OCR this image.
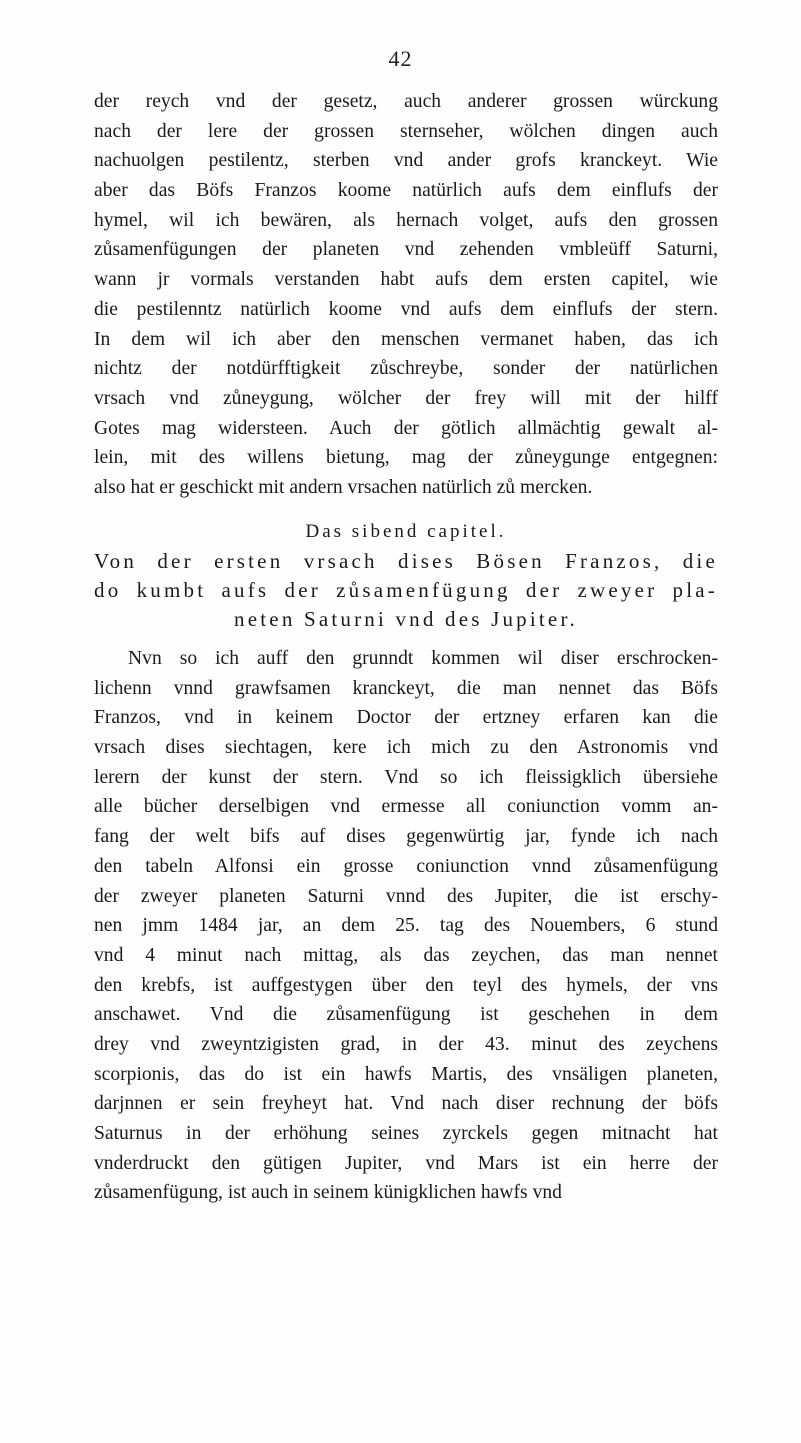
42
der reych vnd der gesetz, auch anderer grossen würckung
nach der lere der grossen sternseher, wölchen dingen auch
nachuolgen pestilentz, sterben vnd ander grofs kranckeyt. Wie
aber das Böfs Franzos koome natürlich aufs dem einflufs der
hymel, wil ich bewären, als hernach volget, aufs den grossen
zůsamenfügungen der planeten vnd zehenden vmbleüff Saturni,
wann jr vormals verstanden habt aufs dem ersten capitel, wie
die pestilenntz natürlich koome vnd aufs dem einflufs der stern.
In dem wil ich aber den menschen vermanet haben, das ich
nichtz der notdürfftigkeit zůschreybe, sonder der natürlichen
vrsach vnd zůneygung, wölcher der frey will mit der hilff
Gotes mag widersteen. Auch der götlich allmächtig gewalt al-
lein, mit des willens bietung, mag der zůneygunge entgegnen:
also hat er geschickt mit andern vrsachen natürlich zů mercken.
Das sibend capitel.
Von der ersten vrsach dises Bösen Franzos, die
do kumbt aufs der zůsamenfügung der zweyer pla-
neten Saturni vnd des Jupiter.
Nvn so ich auff den grunndt kommen wil diser erschrocken-
lichenn vnnd grawfsamen kranckeyt, die man nennet das Böfs
Franzos, vnd in keinem Doctor der ertzney erfaren kan die
vrsach dises siechtagen, kere ich mich zu den Astronomis vnd
lerern der kunst der stern. Vnd so ich fleissigklich übersiehe
alle bücher derselbigen vnd ermesse all coniunction vomm an-
fang der welt bifs auf dises gegenwürtig jar, fynde ich nach
den tabeln Alfonsi ein grosse coniunction vnnd zůsamenfügung
der zweyer planeten Saturni vnnd des Jupiter, die ist erschy-
nen jmm 1484 jar, an dem 25. tag des Nouembers, 6 stund
vnd 4 minut nach mittag, als das zeychen, das man nennet
den krebfs, ist auffgestygen über den teyl des hymels, der vns
anschawet. Vnd die zůsamenfügung ist geschehen in dem
drey vnd zweyntzigisten grad, in der 43. minut des zeychens
scorpionis, das do ist ein hawfs Martis, des vnsäligen planeten,
darjnnen er sein freyheyt hat. Vnd nach diser rechnung der böfs
Saturnus in der erhöhung seines zyrckels gegen mitnacht hat
vnderdruckt den gütigen Jupiter, vnd Mars ist ein herre der
zůsamenfügung, ist auch in seinem künigklichen hawfs vnd
